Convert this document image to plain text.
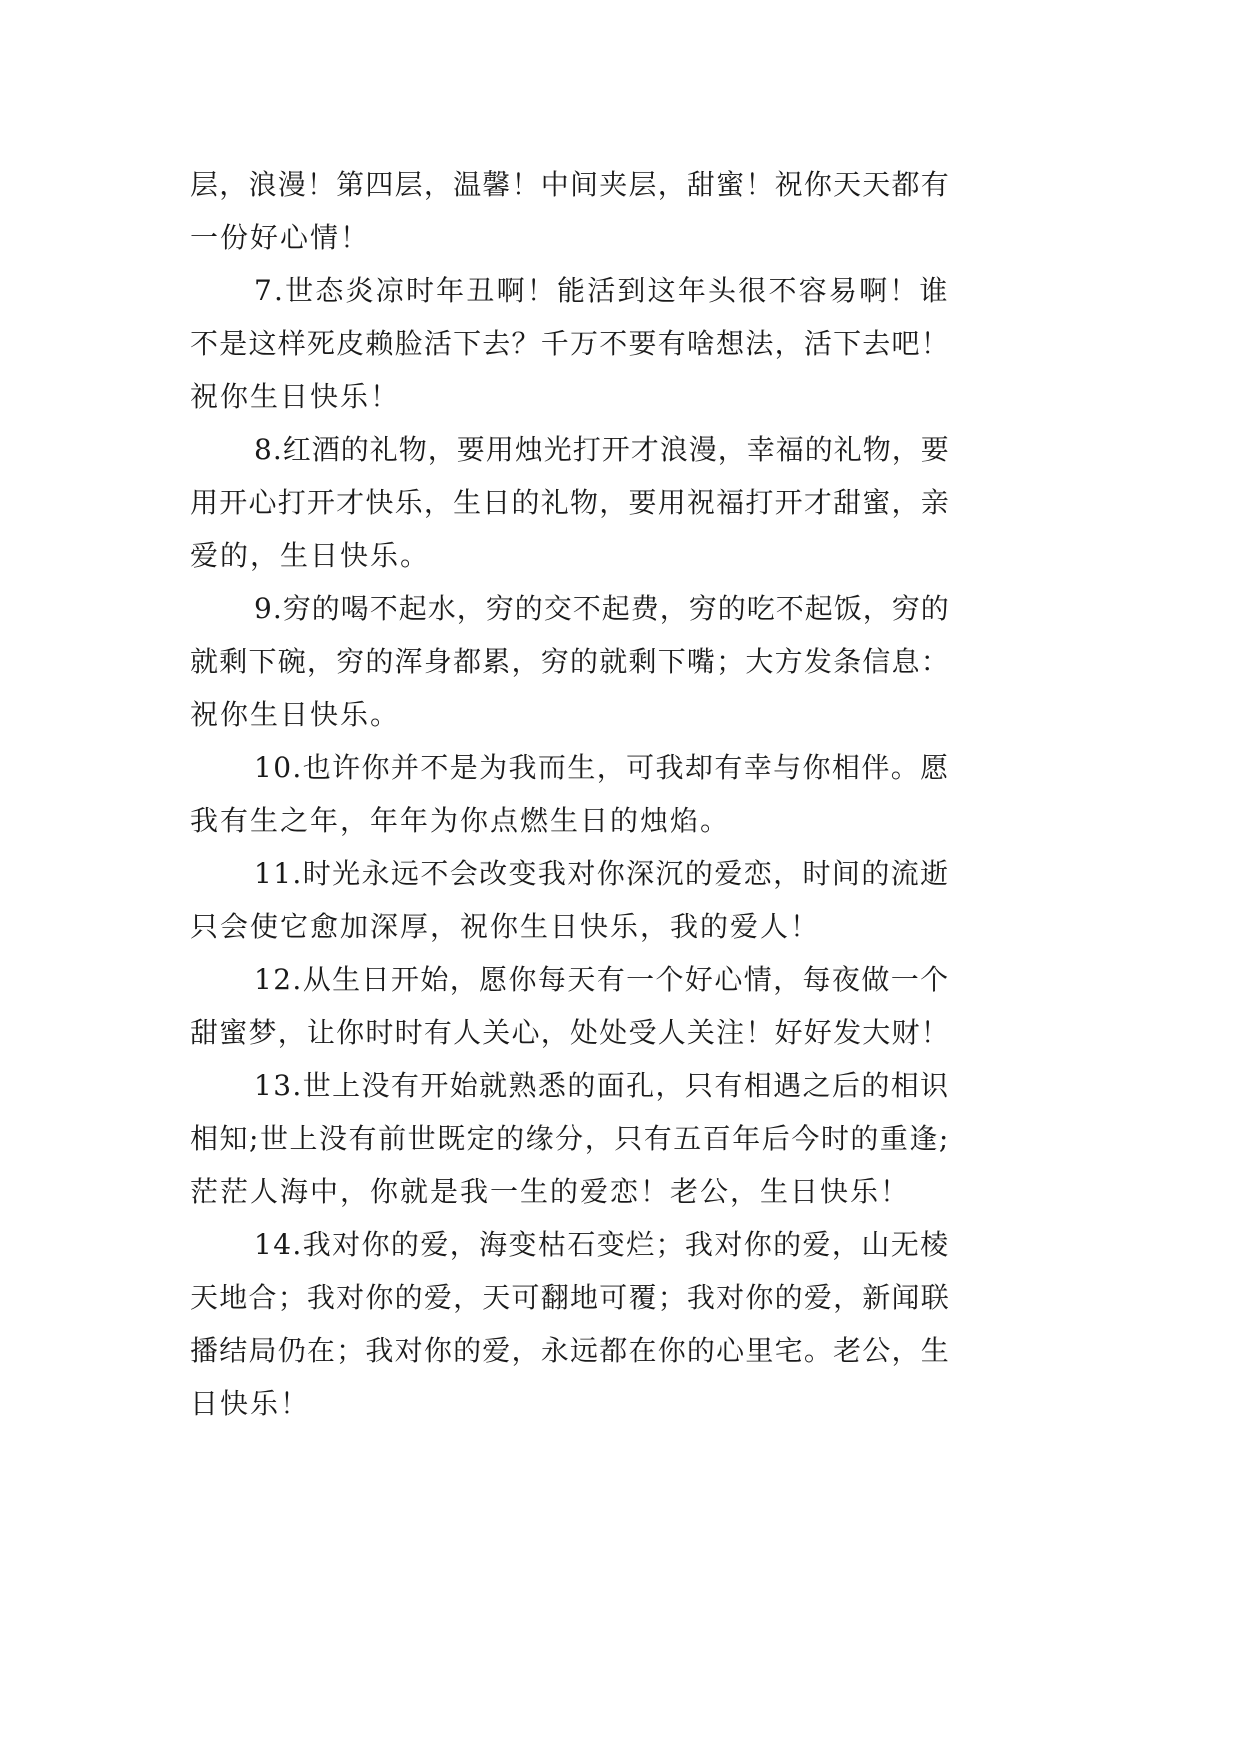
层，浪漫！第四层，温馨！中间夹层，甜蜜！祝你天天都有
一份好心情！
7.世态炎凉时年丑啊！能活到这年头很不容易啊！谁
不是这样死皮赖脸活下去？千万不要有啥想法，活下去吧！
祝你生日快乐！
8.红酒的礼物，要用烛光打开才浪漫，幸福的礼物，要
用开心打开才快乐，生日的礼物，要用祝福打开才甜蜜，亲
爱的，生日快乐。
9.穷的喝不起水，穷的交不起费，穷的吃不起饭，穷的
就剩下碗，穷的浑身都累，穷的就剩下嘴；大方发条信息：
祝你生日快乐。
10.也许你并不是为我而生，可我却有幸与你相伴。愿
我有生之年，年年为你点燃生日的烛焰。
11.时光永远不会改变我对你深沉的爱恋，时间的流逝
只会使它愈加深厚，祝你生日快乐，我的爱人！
12.从生日开始，愿你每天有一个好心情，每夜做一个
甜蜜梦，让你时时有人关心，处处受人关注！好好发大财！
13.世上没有开始就熟悉的面孔，只有相遇之后的相识
相知;世上没有前世既定的缘分，只有五百年后今时的重逢;
茫茫人海中，你就是我一生的爱恋！老公，生日快乐！
14.我对你的爱，海变枯石变烂；我对你的爱，山无棱
天地合；我对你的爱，天可翻地可覆；我对你的爱，新闻联
播结局仍在；我对你的爱，永远都在你的心里宅。老公，生
日快乐！
